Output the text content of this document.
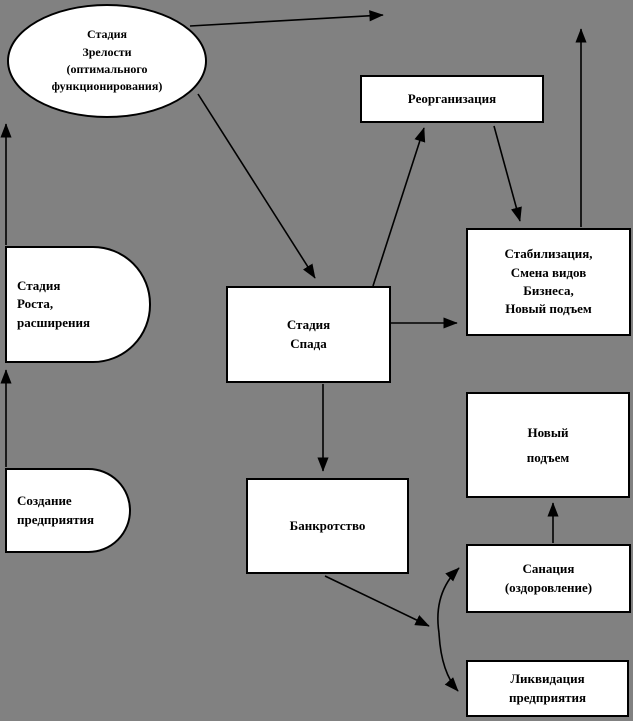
Стадия
Зрелости
(оптимального
функционирования)
Реорганизация
Стабилизация,
Смена видов
Бизнеса,
Новый подъем
Стадия
Роста,
расширения	Стадия
Спада
Новый
подъем
Создание
предприятия	Банкротство
Санация
(оздоровление)
Ликвидация
предприятия
